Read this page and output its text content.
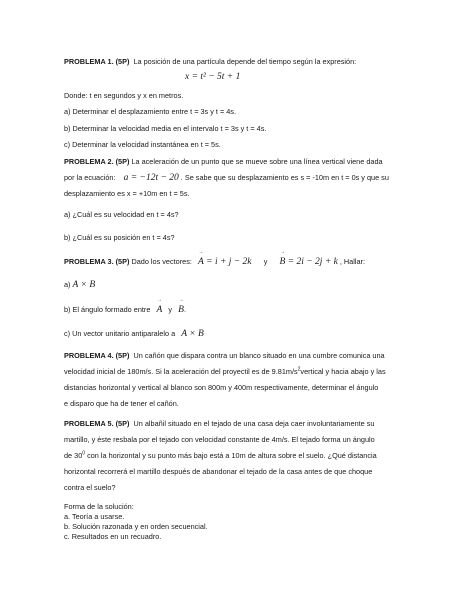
PROBLEMA 1. (5P) La posición de una partícula depende del tiempo según la expresión:
x = t² − 5t + 1
Donde: t en segundos y x en metros.
a) Determinar el desplazamiento entre t = 3s y t = 4s.
b) Determinar la velocidad media en el intervalo t = 3s y t = 4s.
c) Determinar la velocidad instantánea en t = 5s.
PROBLEMA 2. (5P) La aceleración de un punto que se mueve sobre una línea vertical viene dada
por la ecuación: a = −12t − 20 . Se sabe que su desplazamiento es s = -10m en t = 0s y que su
desplazamiento es x = +10m en t = 5s.
a) ¿Cuál es su velocidad en t = 4s?
b) ¿Cuál es su posición en t = 4s?
PROBLEMA 3. (5P) Dado los vectores: → A = i + j − 2k y → B = 2i − 2j + k , Hallar:
a) A × B
b) El ángulo formado entre → A y → B.
c) Un vector unitario antiparalelo a A × B
PROBLEMA 4. (5P) Un cañón que dispara contra un blanco situado en una cumbre comunica una
velocidad inicial de 180m/s. Si la aceleración del proyectil es de $9.81m/s^2vertical$ y hacia abajo y las
distancias horizontal y vertical al blanco son 800m y 400m respectivamente, determinar el ángulo
e disparo que ha de tener el cañón.
PROBLEMA 5. (5P) Un albañil situado en el tejado de una casa deja caer involuntariamente su
martillo, y éste resbala por el tejado con velocidad constante de 4m/s. El tejado forma un ángulo
de $30^0$ con la horizontal y su punto más bajo está a 10m de altura sobre el suelo. ¿Qué distancia
horizontal recorrerá el martillo después de abandonar el tejado de la casa antes de que choque
contra el suelo?
Forma de la solución:
a. Teoría a usarse.
b. Solución razonada y en orden secuencial.
c. Resultados en un recuadro.
